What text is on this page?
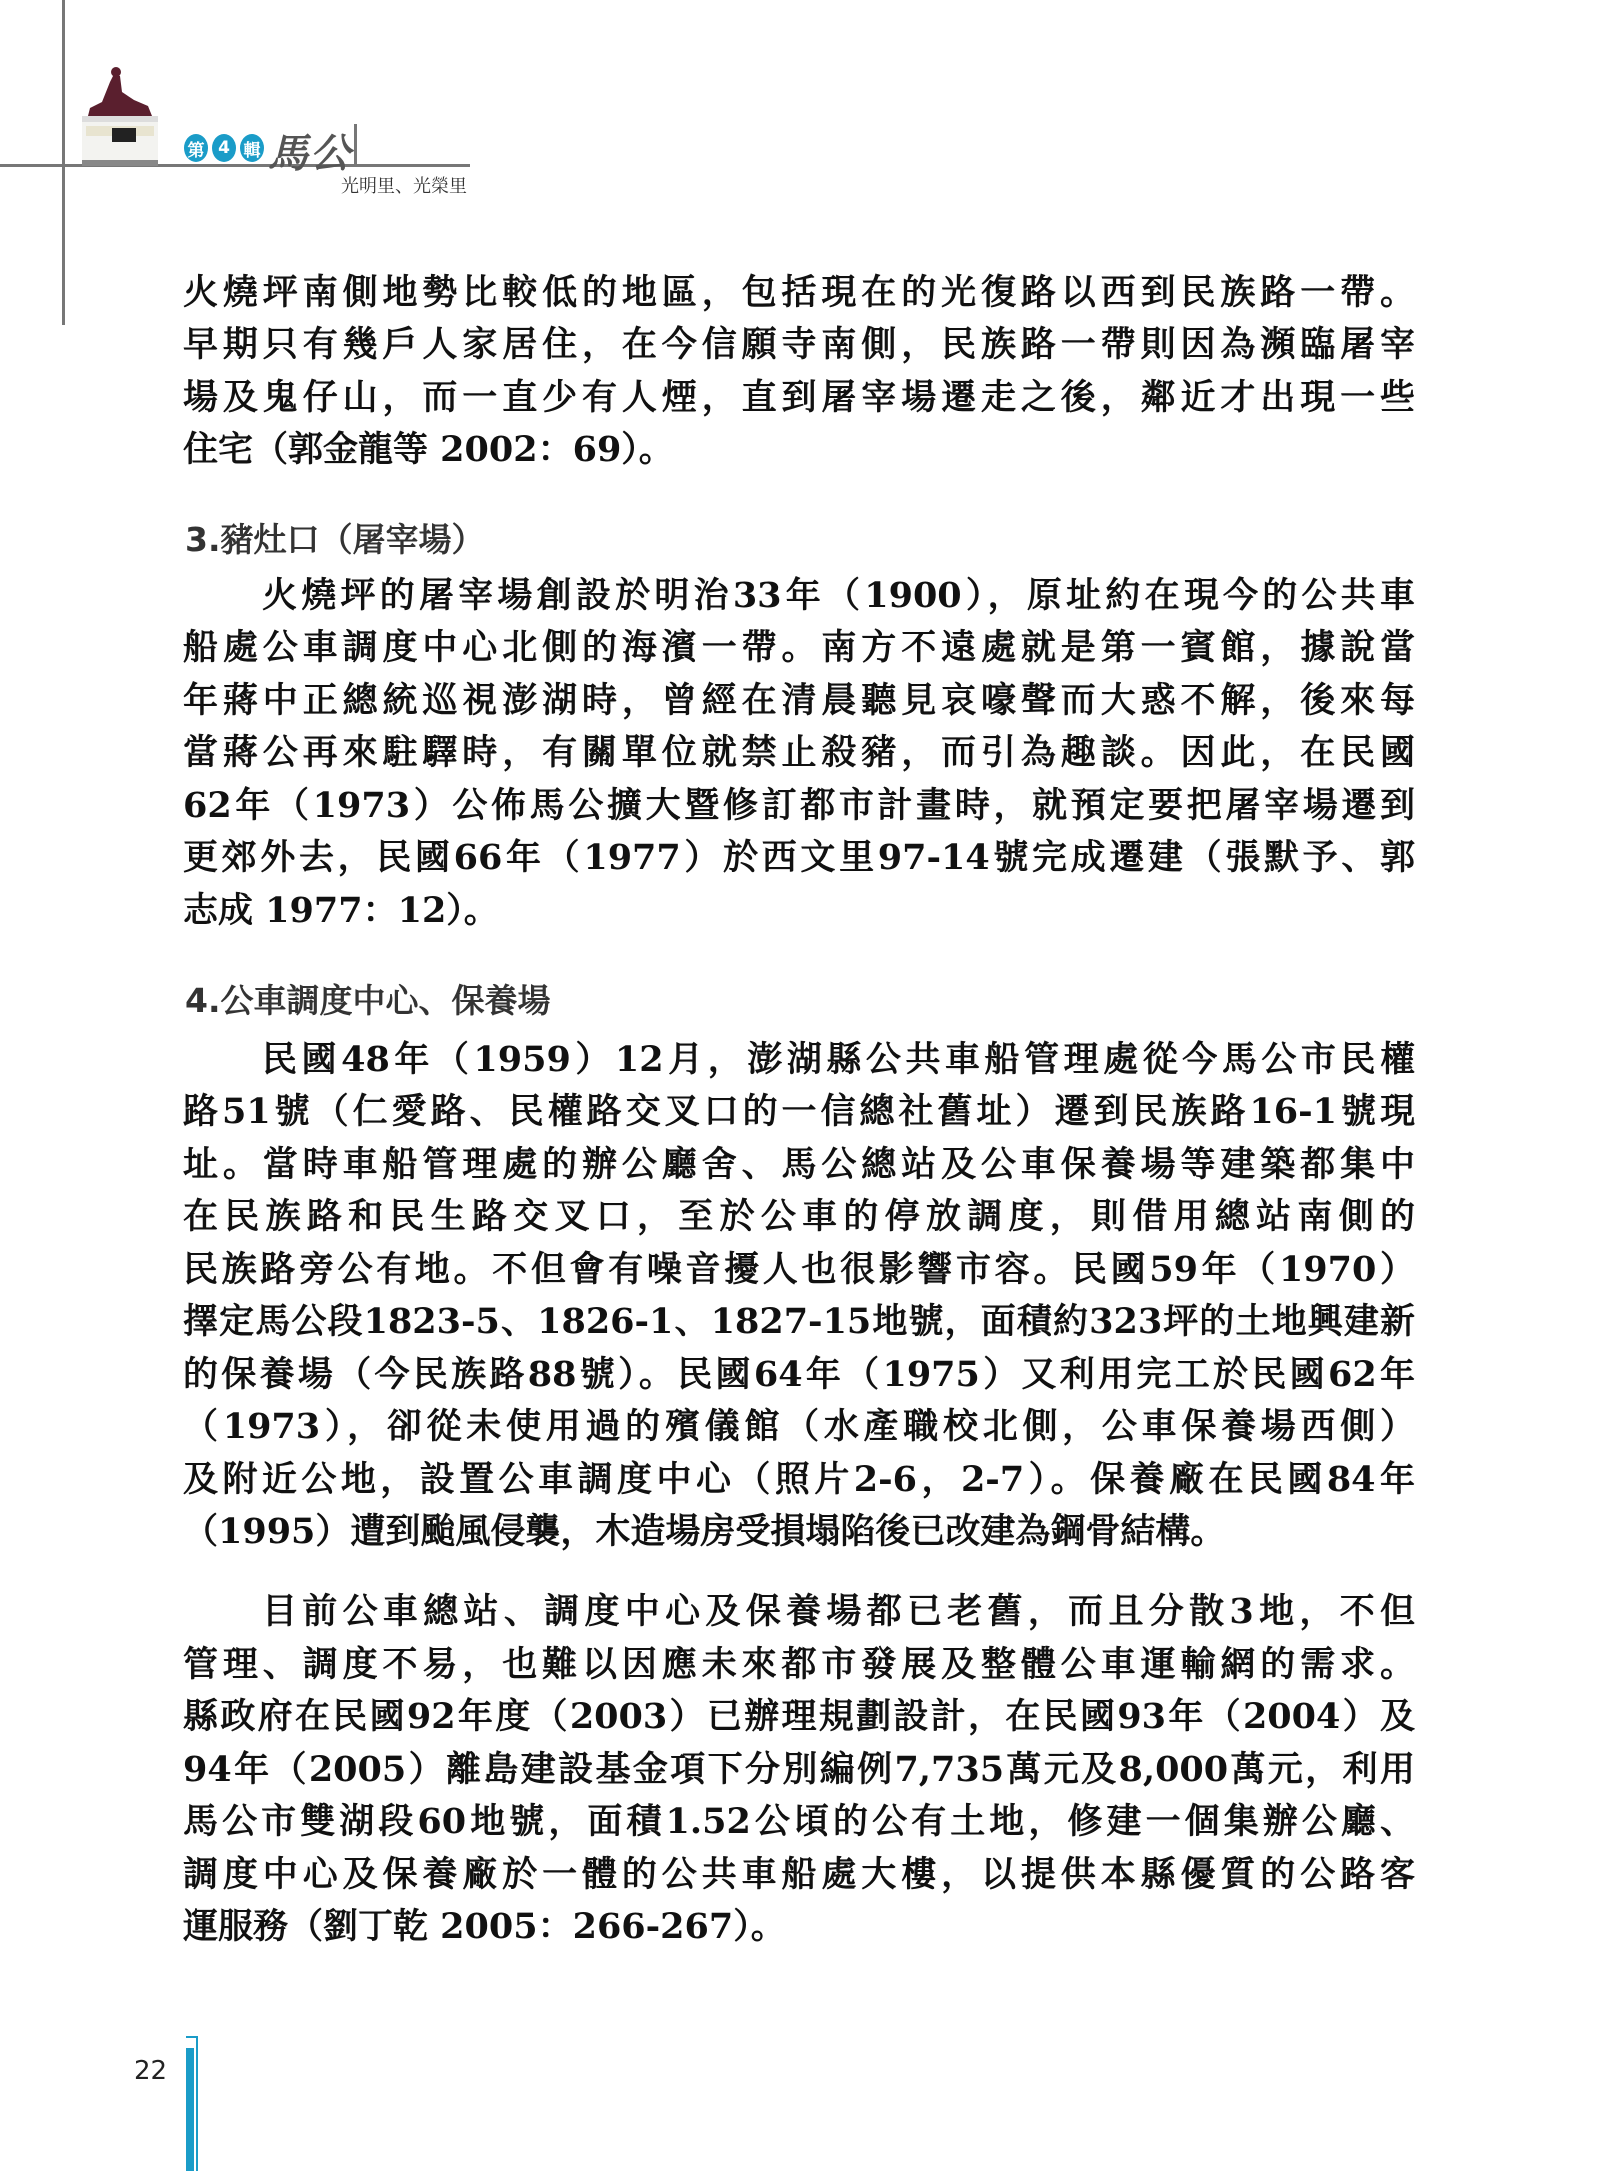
第 4 輯 馬公
光明里、光榮里
火燒坪南側地勢比較低的地區，包括現在的光復路以西到民族路一帶。
早期只有幾戶人家居住，在今信願寺南側，民族路一帶則因為瀕臨屠宰
場及鬼仔山，而一直少有人煙，直到屠宰場遷走之後，鄰近才出現一些
住宅（郭金龍等 2002：69）。
3.豬灶口（屠宰場）
火燒坪的屠宰場創設於明治33年（1900），原址約在現今的公共車
船處公車調度中心北側的海濱一帶。南方不遠處就是第一賓館，據說當
年蔣中正總統巡視澎湖時，曾經在清晨聽見哀嚎聲而大惑不解，後來每
當蔣公再來駐驛時，有關單位就禁止殺豬，而引為趣談。因此，在民國
62年（1973）公佈馬公擴大暨修訂都市計畫時，就預定要把屠宰場遷到
更郊外去，民國66年（1977）於西文里97-14號完成遷建（張默予、郭
志成 1977：12）。
4.公車調度中心、保養場
民國48年（1959）12月，澎湖縣公共車船管理處從今馬公市民權
路51號（仁愛路、民權路交叉口的一信總社舊址）遷到民族路16-1號現
址。當時車船管理處的辦公廳舍、馬公總站及公車保養場等建築都集中
在民族路和民生路交叉口，至於公車的停放調度，則借用總站南側的
民族路旁公有地。不但會有噪音擾人也很影響市容。民國59年（1970）
擇定馬公段1823-5、1826-1、1827-15地號，面積約323坪的土地興建新
的保養場（今民族路88號）。民國64年（1975）又利用完工於民國62年
（1973），卻從未使用過的殯儀館（水產職校北側，公車保養場西側）
及附近公地，設置公車調度中心（照片2-6，2-7）。保養廠在民國84年
（1995）遭到颱風侵襲，木造場房受損塌陷後已改建為鋼骨結構。
目前公車總站、調度中心及保養場都已老舊，而且分散3地，不但
管理、調度不易，也難以因應未來都市發展及整體公車運輸網的需求。
縣政府在民國92年度（2003）已辦理規劃設計，在民國93年（2004）及
94年（2005）離島建設基金項下分別編例7,735萬元及8,000萬元，利用
馬公市雙湖段60地號，面積1.52公頃的公有土地，修建一個集辦公廳、
調度中心及保養廠於一體的公共車船處大樓，以提供本縣優質的公路客
運服務（劉丁乾 2005：266-267）。
22
